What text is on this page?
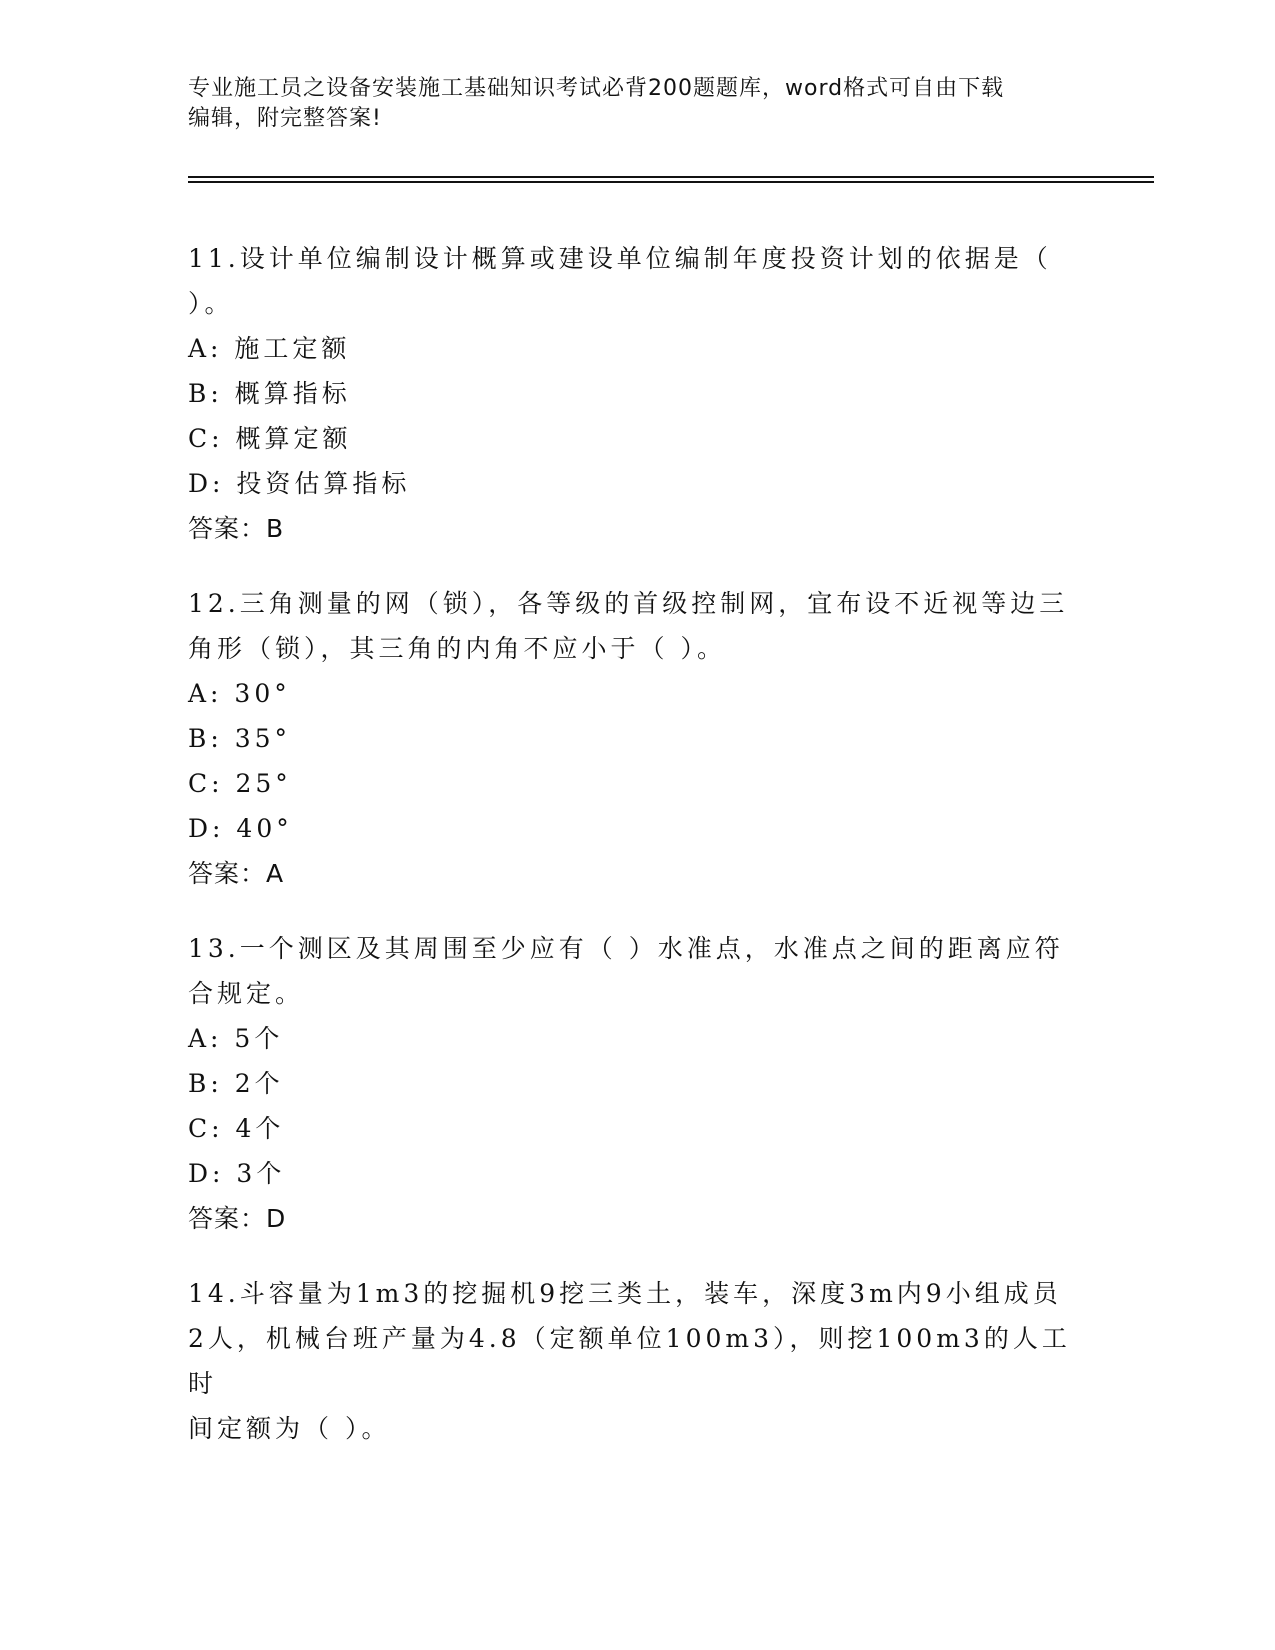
专业施工员之设备安装施工基础知识考试必背200题题库，word格式可自由下载
编辑，附完整答案!

11.设计单位编制设计概算或建设单位编制年度投资计划的依据是（

）。

A: 施工定额

B: 概算指标

C: 概算定额

D: 投资估算指标

答案：B

12.三角测量的网（锁），各等级的首级控制网，宜布设不近视等边三

角形（锁），其三角的内角不应小于（ ）。

A: 30°

B: 35°

C: 25°

D: 40°

答案：A

13.一个测区及其周围至少应有（ ）水准点，水准点之间的距离应符

合规定。

A: 5个

B: 2个

C: 4个

D: 3个

答案：D

14.斗容量为1m3的挖掘机9挖三类土，装车，深度3m内9小组成员

2人，机械台班产量为4.8（定额单位100m3），则挖100m3的人工时

间定额为（ ）。
